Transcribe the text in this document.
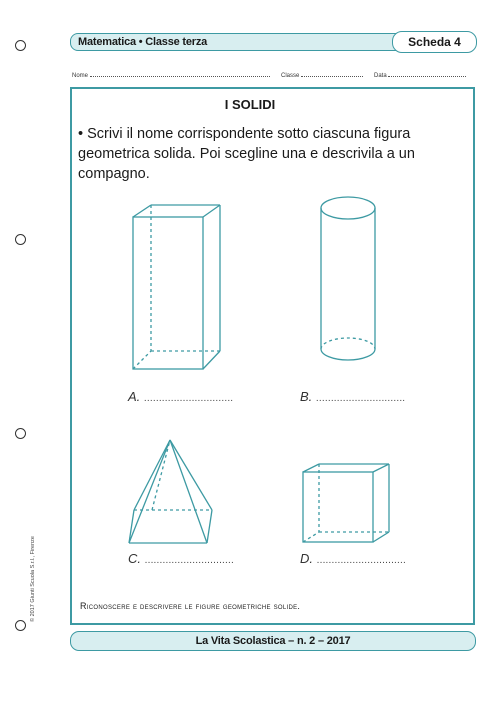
Matematica • Classe terza	Scheda 4
Nome	Classe	Data
I SOLIDI
• Scrivi il nome corrispondente sotto ciascuna figura geometrica solida. Poi scegline una e descrivila a un compagno.
A. ..............................	B. ..............................
C. ..............................	D. ..............................
Riconoscere e descrivere le figure geometriche solide.
© 2017 Giunti Scuola S.r.l., Firenze
La Vita Scolastica – n. 2 – 2017
